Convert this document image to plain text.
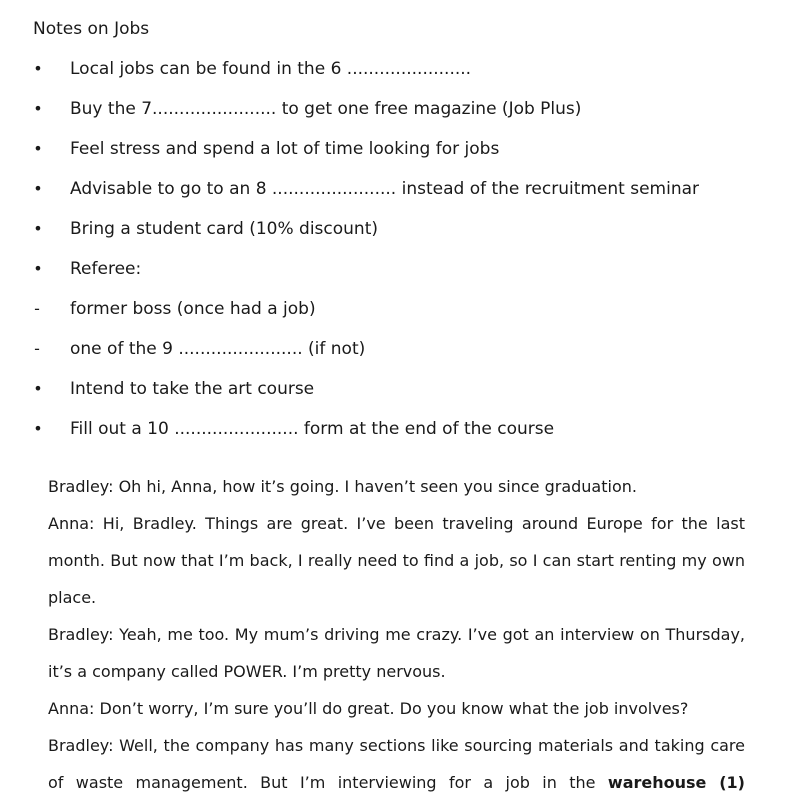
Notes on Jobs
• Local jobs can be found in the 6 .......................
• Buy the 7....................... to get one free magazine (Job Plus)
• Feel stress and spend a lot of time looking for jobs
• Advisable to go to an 8 ....................... instead of the recruitment seminar
• Bring a student card (10% discount)
• Referee:
- former boss (once had a job)
- one of the 9 ....................... (if not)
• Intend to take the art course
• Fill out a 10 ....................... form at the end of the course

Bradley: Oh hi, Anna, how it’s going. I haven’t seen you since graduation.

Anna: Hi, Bradley. Things are great. I’ve been traveling around Europe for the last month. But now that I’m back, I really need to find a job, so I can start renting my own place.

Bradley: Yeah, me too. My mum’s driving me crazy. I’ve got an interview on Thursday, it’s a company called POWER. I’m pretty nervous.

Anna: Don’t worry, I’m sure you’ll do great. Do you know what the job involves?

Bradley: Well, the company has many sections like sourcing materials and taking care of waste management. But I’m interviewing for a job in the warehouse (1)
